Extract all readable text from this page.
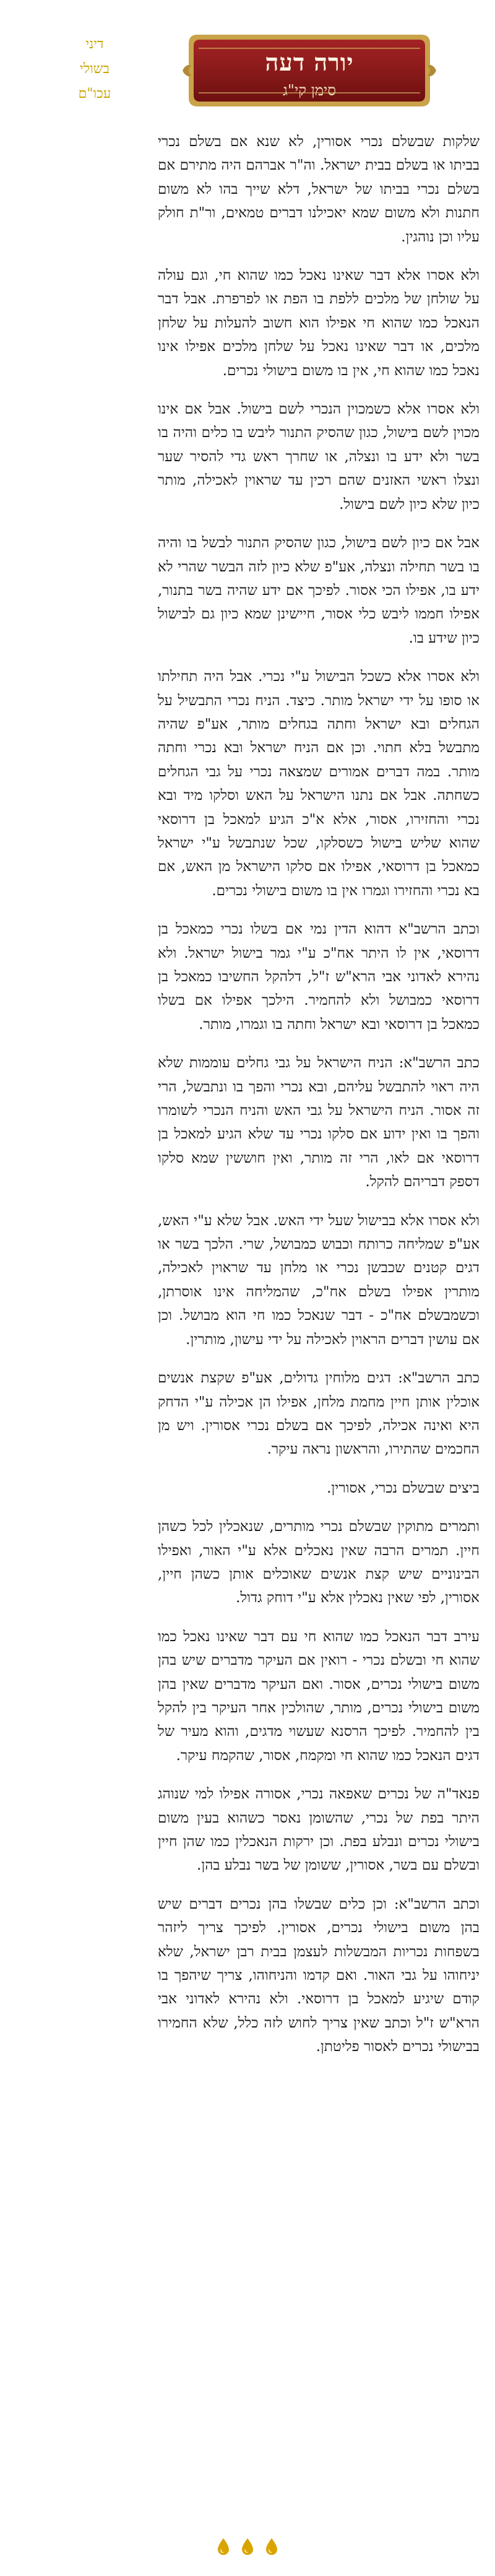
יורה דעה
סימן קי"ג
דיני
בשולי
עכו"ם

שלקות שבשלם נכרי אסורין, לא שנא אם בשלם נכרי בביתו או בשלם בבית ישראל. וה"ר אברהם היה מתירם אם בשלם נכרי בביתו של ישראל, דלא שייך בהו לא משום חתנות ולא משום שמא יאכילנו דברים טמאים, ור"ת חולק עליו וכן נוהגין.

ולא אסרו אלא דבר שאינו נאכל כמו שהוא חי, וגם עולה על שולחן של מלכים ללפת בו הפת או לפרפרת. אבל דבר הנאכל כמו שהוא חי אפילו הוא חשוב להעלות על שלחן מלכים, או דבר שאינו נאכל על שלחן מלכים אפילו אינו נאכל כמו שהוא חי, אין בו משום בישולי נכרים.

ולא אסרו אלא כשמכוין הנכרי לשם בישול. אבל אם אינו מכוין לשם בישול, כגון שהסיק התנור ליבש בו כלים והיה בו בשר ולא ידע בו ונצלה, או שחרך ראש גדי להסיר שער ונצלו ראשי האזנים שהם רכין עד שראוין לאכילה, מותר כיון שלא כיון לשם בישול.

אבל אם כיון לשם בישול, כגון שהסיק התנור לבשל בו והיה בו בשר תחילה ונצלה, אע"פ שלא כיון לזה הבשר שהרי לא ידע בו, אפילו הכי אסור. לפיכך אם ידע שהיה בשר בתנור, אפילו חממו ליבש כלי אסור, חיישינן שמא כיון גם לבישול כיון שידע בו.

ולא אסרו אלא כשכל הבישול ע"י נכרי. אבל היה תחילתו או סופו על ידי ישראל מותר. כיצד. הניח נכרי התבשיל על הגחלים ובא ישראל וחתה בגחלים מותר, אע"פ שהיה מתבשל בלא חתוי. וכן אם הניח ישראל ובא נכרי וחתה מותר. במה דברים אמורים שמצאה נכרי על גבי הגחלים כשחתה. אבל אם נתנו הישראל על האש וסלקו מיד ובא נכרי והחזירו, אסור, אלא א"כ הגיע למאכל בן דרוסאי שהוא שליש בישול כשסלקו, שכל שנתבשל ע"י ישראל כמאכל בן דרוסאי, אפילו אם סלקו הישראל מן האש, אם בא נכרי והחזירו וגמרו אין בו משום בישולי נכרים.

וכתב הרשב"א דהוא הדין נמי אם בשלו נכרי כמאכל בן דרוסאי, אין לו היתר אח"כ ע"י גמר בישול ישראל. ולא נהירא לאדוני אבי הרא"ש ז"ל, דלהקל החשיבו כמאכל בן דרוסאי כמבושל ולא להחמיר. הילכך אפילו אם בשלו כמאכל בן דרוסאי ובא ישראל וחתה בו וגמרו, מותר.

כתב הרשב"א: הניח הישראל על גבי גחלים עוממות שלא היה ראוי להתבשל עליהם, ובא נכרי והפך בו ונתבשל, הרי זה אסור. הניח הישראל על גבי האש והניח הנכרי לשומרו והפך בו ואין ידוע אם סלקו נכרי עד שלא הגיע למאכל בן דרוסאי אם לאו, הרי זה מותר, ואין חוששין שמא סלקו דספק דבריהם להקל.

ולא אסרו אלא בבישול שעל ידי האש. אבל שלא ע"י האש, אע"פ שמליחה כרותח וכבוש כמבושל, שרי. הלכך בשר או דגים קטנים שכבשן נכרי או מלחן עד שראוין לאכילה, מותרין אפילו בשלם אח"כ, שהמליחה אינו אוסרתן, וכשמבשלם אח"כ - דבר שנאכל כמו חי הוא מבושל. וכן אם עושין דברים הראוין לאכילה על ידי עישון, מותרין.

כתב הרשב"א: דגים מלוחין גדולים, אע"פ שקצת אנשים אוכלין אותן חיין מחמת מלחן, אפילו הן אכילה ע"י הדחק היא ואינה אכילה, לפיכך אם בשלם נכרי אסורין. ויש מן החכמים שהתירו, והראשון נראה עיקר.

ביצים שבשלם נכרי, אסורין.

ותמרים מתוקין שבשלם נכרי מותרים, שנאכלין לכל כשהן חיין. תמרים הרבה שאין נאכלים אלא ע"י האור, ואפילו הבינוניים שיש קצת אנשים שאוכלים אותן כשהן חיין, אסורין, לפי שאין נאכלין אלא ע"י דוחק גדול.

עירב דבר הנאכל כמו שהוא חי עם דבר שאינו נאכל כמו שהוא חי ובשלם נכרי - רואין אם העיקר מדברים שיש בהן משום בישולי נכרים, אסור. ואם העיקר מדברים שאין בהן משום בישולי נכרים, מותר, שהולכין אחר העיקר בין להקל בין להחמיר. לפיכך הרסנא שעשוי מדגים, והוא מעיר של דגים הנאכל כמו שהוא חי ומקמח, אסור, שהקמח עיקר.

פנאד"ה של נכרים שאפאה נכרי, אסורה אפילו למי שנוהג היתר בפת של נכרי, שהשומן נאסר כשהוא בעין משום בישולי נכרים ונבלע בפת. וכן ירקות הנאכלין כמו שהן חיין ובשלם עם בשר, אסורין, ששומן של בשר נבלע בהן.

וכתב הרשב"א: וכן כלים שבשלו בהן נכרים דברים שיש בהן משום בישולי נכרים, אסורין. לפיכך צריך ליזהר בשפחות נכריות המבשלות לעצמן בבית רבן ישראל, שלא יניחוהו על גבי האור. ואם קדמו והניחוהו, צריך שיהפך בו קודם שיגיע למאכל בן דרוסאי. ולא נהירא לאדוני אבי הרא"ש ז"ל וכתב שאין צריך לחוש לזה כלל, שלא החמירו בבישולי נכרים לאסור פליטתן.
